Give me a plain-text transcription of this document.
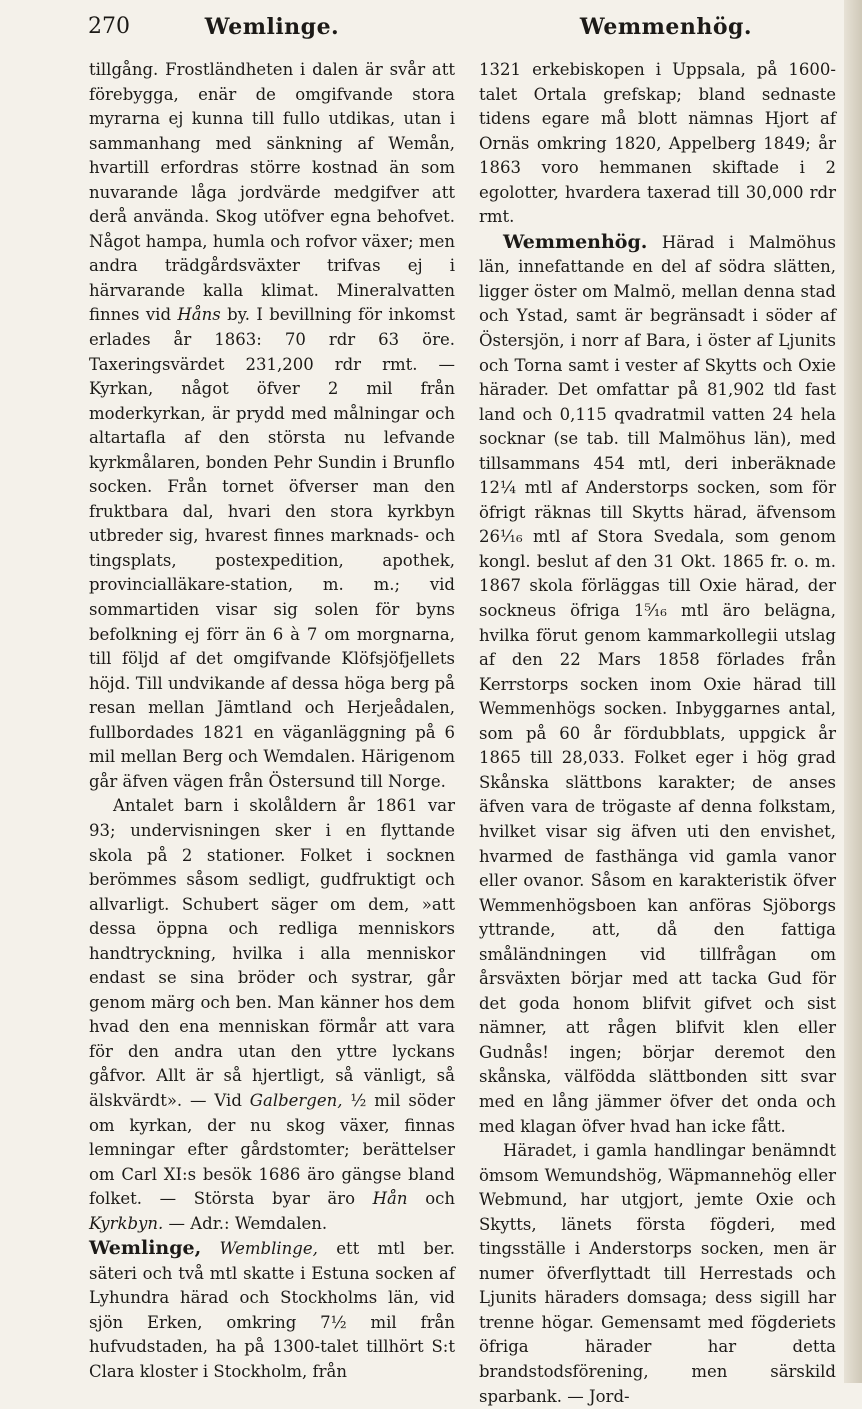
270	Wemlinge.	Wemmenhög.

tillgång. Frostländheten i dalen är svår att förebygga, enär de omgifvande stora myrarna ej kunna till fullo utdikas, utan i sammanhang med sänkning af Wemån, hvartill erfordras större kostnad än som nuvarande låga jordvärde medgifver att derå använda. Skog utöfver egna behofvet. Något hampa, humla och rofvor växer; men andra trädgårdsväxter trifvas ej i härvarande kalla klimat. Mineralvatten finnes vid Håns by. I bevillning för inkomst erlades år 1863: 70 rdr 63 öre. Taxeringsvärdet 231,200 rdr rmt. — Kyrkan, något öfver 2 mil från moderkyrkan, är prydd med målningar och altartafla af den största nu lefvande kyrkmålaren, bonden Pehr Sundin i Brunflo socken. Från tornet öfverser man den fruktbara dal, hvari den stora kyrkbyn utbreder sig, hvarest finnes marknads- och tingsplats, postexpedition, apothek, provincialläkare-station, m. m.; vid sommartiden visar sig solen för byns befolkning ej förr än 6 à 7 om morgnarna, till följd af det omgifvande Klöfsjöfjellets höjd. Till undvikande af dessa höga berg på resan mellan Jämtland och Herjeådalen, fullbordades 1821 en väganläggning på 6 mil mellan Berg och Wemdalen. Härigenom går äfven vägen från Östersund till Norge.

Antalet barn i skolåldern år 1861 var 93; undervisningen sker i en flyttande skola på 2 stationer. Folket i socknen berömmes såsom sedligt, gudfruktigt och allvarligt. Schubert säger om dem, »att dessa öppna och redliga menniskors handtryckning, hvilka i alla menniskor endast se sina bröder och systrar, går genom märg och ben. Man känner hos dem hvad den ena menniskan förmår att vara för den andra utan den yttre lyckans gåfvor. Allt är så hjertligt, så vänligt, så älskvärdt». — Vid Galbergen, ½ mil söder om kyrkan, der nu skog växer, finnas lemningar efter gårdstomter; berättelser om Carl XI:s besök 1686 äro gängse bland folket. — Största byar äro Hån och Kyrkbyn. — Adr.: Wemdalen.

Wemlinge, Wemblinge, ett mtl ber. säteri och två mtl skatte i Estuna socken af Lyhundra härad och Stockholms län, vid sjön Erken, omkring 7½ mil från hufvudstaden, ha på 1300-talet tillhört S:t Clara kloster i Stockholm, från

1321 erkebiskopen i Uppsala, på 1600-talet Ortala grefskap; bland sednaste tidens egare må blott nämnas Hjort af Ornäs omkring 1820, Appelberg 1849; år 1863 voro hemmanen skiftade i 2 egolotter, hvardera taxerad till 30,000 rdr rmt.

Wemmenhög. Härad i Malmöhus län, innefattande en del af södra slätten, ligger öster om Malmö, mellan denna stad och Ystad, samt är begränsadt i söder af Östersjön, i norr af Bara, i öster af Ljunits och Torna samt i vester af Skytts och Oxie härader. Det omfattar på 81,902 tld fast land och 0,115 qvadratmil vatten 24 hela socknar (se tab. till Malmöhus län), med tillsammans 454 mtl, deri inberäknade 12¼ mtl af Anderstorps socken, som för öfrigt räknas till Skytts härad, äfvensom 26¹⁄₁₆ mtl af Stora Svedala, som genom kongl. beslut af den 31 Okt. 1865 fr. o. m. 1867 skola förläggas till Oxie härad, der sockneus öfriga 1⁵⁄₁₆ mtl äro belägna, hvilka förut genom kammarkollegii utslag af den 22 Mars 1858 förlades från Kerrstorps socken inom Oxie härad till Wemmenhögs socken. Inbyggarnes antal, som på 60 år fördubblats, uppgick år 1865 till 28,033. Folket eger i hög grad Skånska slättbons karakter; de anses äfven vara de trögaste af denna folkstam, hvilket visar sig äfven uti den envishet, hvarmed de fasthänga vid gamla vanor eller ovanor. Såsom en karakteristik öfver Wemmenhögsboen kan anföras Sjöborgs yttrande, att, då den fattiga småländningen vid tillfrågan om årsväxten börjar med att tacka Gud för det goda honom blifvit gifvet och sist nämner, att rågen blifvit klen eller Gudnås! ingen; börjar deremot den skånska, välfödda slättbonden sitt svar med en lång jämmer öfver det onda och med klagan öfver hvad han icke fått.

Häradet, i gamla handlingar benämndt ömsom Wemundshög, Wäpmannehög eller Webmund, har utgjort, jemte Oxie och Skytts, länets första fögderi, med tingsställe i Anderstorps socken, men är numer öfverflyttadt till Herrestads och Ljunits häraders domsaga; dess sigill har trenne högar. Gemensamt med fögderiets öfriga härader har detta brandstodsförening, men särskild sparbank. — Jord-
